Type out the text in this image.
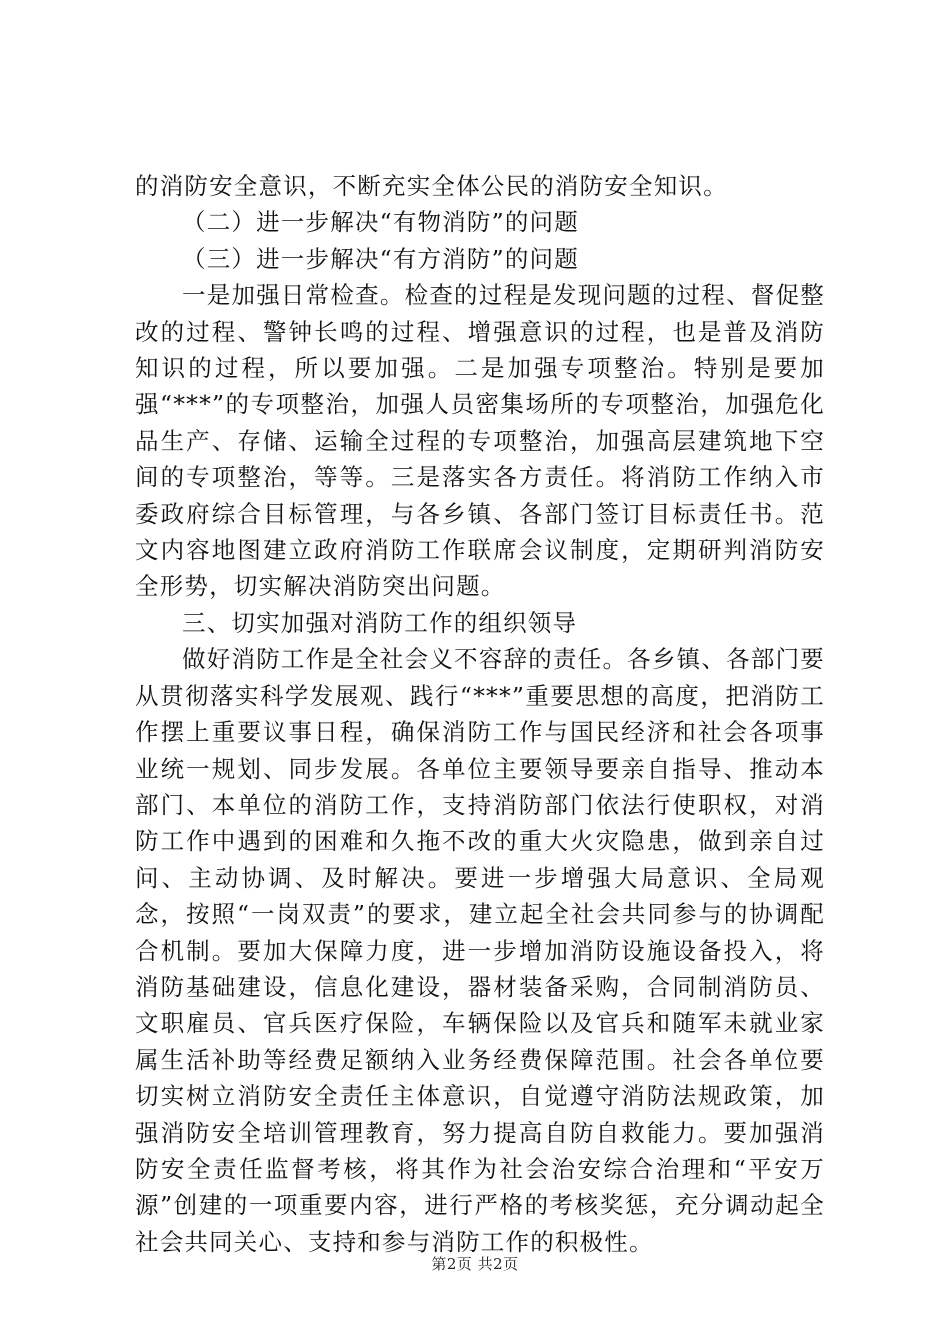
的消防安全意识，不断充实全体公民的消防安全知识。

（二）进一步解决“有物消防”的问题

（三）进一步解决“有方消防”的问题

一是加强日常检查。检查的过程是发现问题的过程、督促整改的过程、警钟长鸣的过程、增强意识的过程，也是普及消防知识的过程，所以要加强。二是加强专项整治。特别是要加强“***”的专项整治，加强人员密集场所的专项整治，加强危化品生产、存储、运输全过程的专项整治，加强高层建筑地下空间的专项整治，等等。三是落实各方责任。将消防工作纳入市委政府综合目标管理，与各乡镇、各部门签订目标责任书。范文内容地图建立政府消防工作联席会议制度，定期研判消防安全形势，切实解决消防突出问题。

三、切实加强对消防工作的组织领导

做好消防工作是全社会义不容辞的责任。各乡镇、各部门要从贯彻落实科学发展观、践行“***”重要思想的高度，把消防工作摆上重要议事日程，确保消防工作与国民经济和社会各项事业统一规划、同步发展。各单位主要领导要亲自指导、推动本部门、本单位的消防工作，支持消防部门依法行使职权，对消防工作中遇到的困难和久拖不改的重大火灾隐患，做到亲自过问、主动协调、及时解决。要进一步增强大局意识、全局观念，按照“一岗双责”的要求，建立起全社会共同参与的协调配合机制。要加大保障力度，进一步增加消防设施设备投入，将消防基础建设，信息化建设，器材装备采购，合同制消防员、文职雇员、官兵医疗保险，车辆保险以及官兵和随军未就业家属生活补助等经费足额纳入业务经费保障范围。社会各单位要切实树立消防安全责任主体意识，自觉遵守消防法规政策，加强消防安全培训管理教育，努力提高自防自救能力。要加强消防安全责任监督考核，将其作为社会治安综合治理和“平安万源”创建的一项重要内容，进行严格的考核奖惩，充分调动起全社会共同关心、支持和参与消防工作的积极性。

第2页 共2页
